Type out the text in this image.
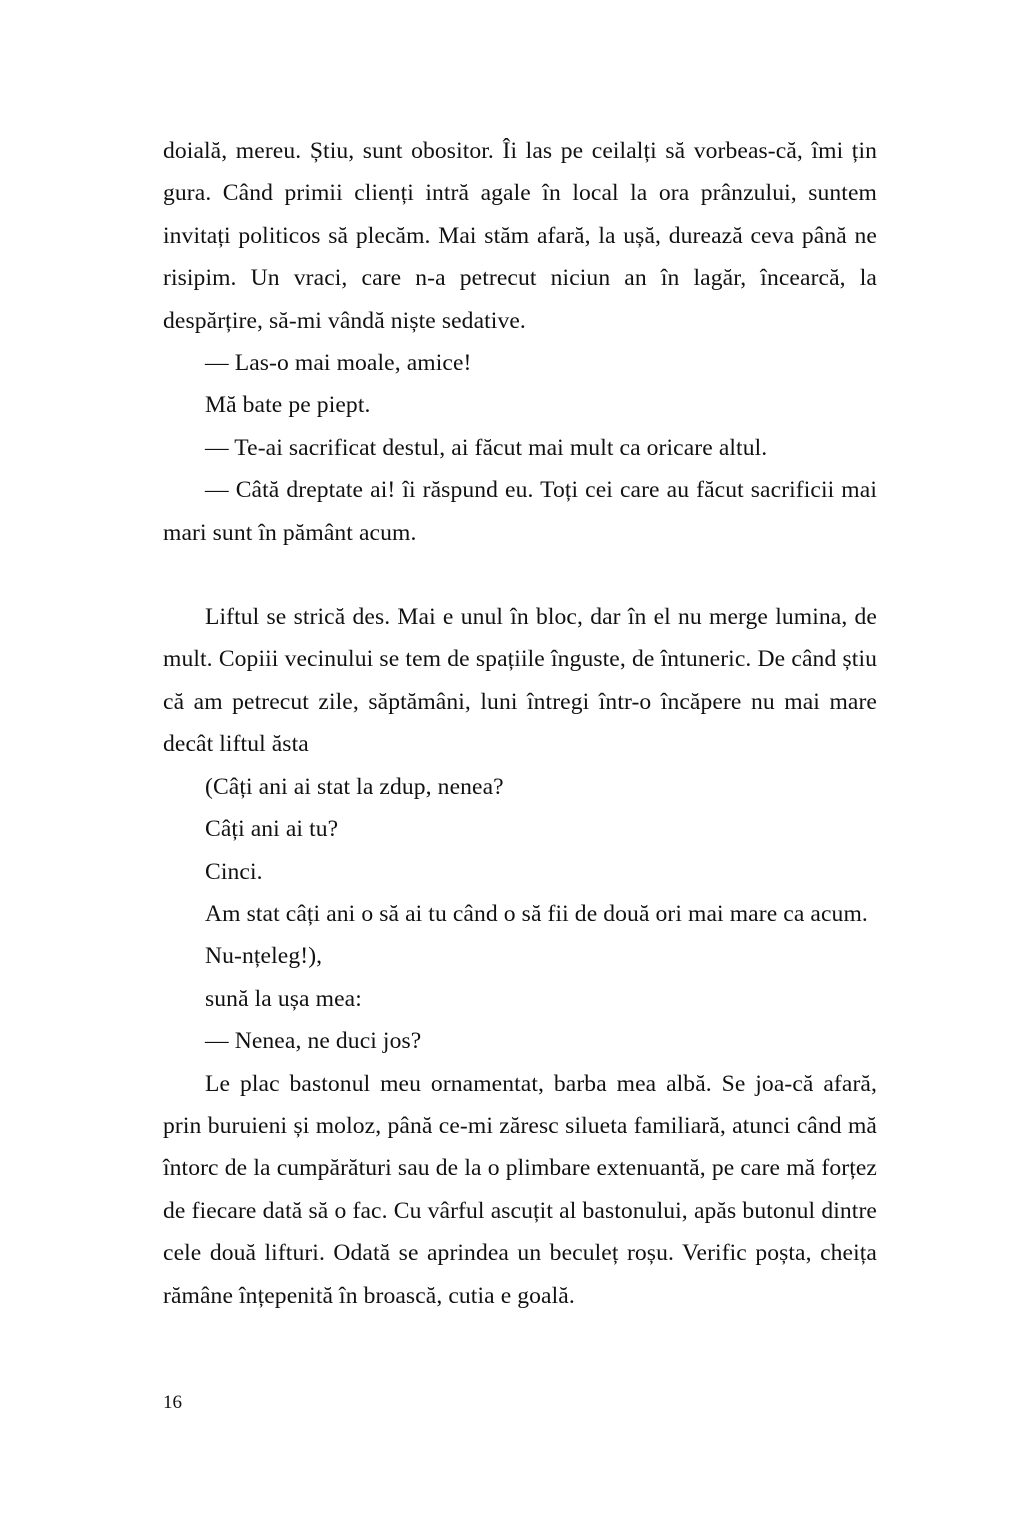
doială, mereu. Știu, sunt obositor. Îi las pe ceilalți să vorbeas-că, îmi țin gura. Când primii clienți intră agale în local la ora prânzului, suntem invitați politicos să plecăm. Mai stăm afară, la ușă, durează ceva până ne risipim. Un vraci, care n-a petrecut niciun an în lagăr, încearcă, la despărțire, să-mi vândă niște sedative.

— Las-o mai moale, amice!

Mă bate pe piept.

— Te-ai sacrificat destul, ai făcut mai mult ca oricare altul.

— Câtă dreptate ai! îi răspund eu. Toți cei care au făcut sacrificii mai mari sunt în pământ acum.

Liftul se strică des. Mai e unul în bloc, dar în el nu merge lumina, de mult. Copiii vecinului se tem de spațiile înguste, de întuneric. De când știu că am petrecut zile, săptămâni, luni întregi într-o încăpere nu mai mare decât liftul ăsta

(Câți ani ai stat la zdup, nenea?

Câți ani ai tu?

Cinci.

Am stat câți ani o să ai tu când o să fii de două ori mai mare ca acum.

Nu-nțeleg!),

sună la ușa mea:

— Nenea, ne duci jos?

Le plac bastonul meu ornamentat, barba mea albă. Se joa-că afară, prin buruieni și moloz, până ce-mi zăresc silueta familiară, atunci când mă întorc de la cumpărături sau de la o plimbare extenuantă, pe care mă forțez de fiecare dată să o fac. Cu vârful ascuțit al bastonului, apăs butonul dintre cele două lifturi. Odată se aprindea un beculeț roșu. Verific poșta, cheița rămâne înțepenită în broască, cutia e goală.

16
